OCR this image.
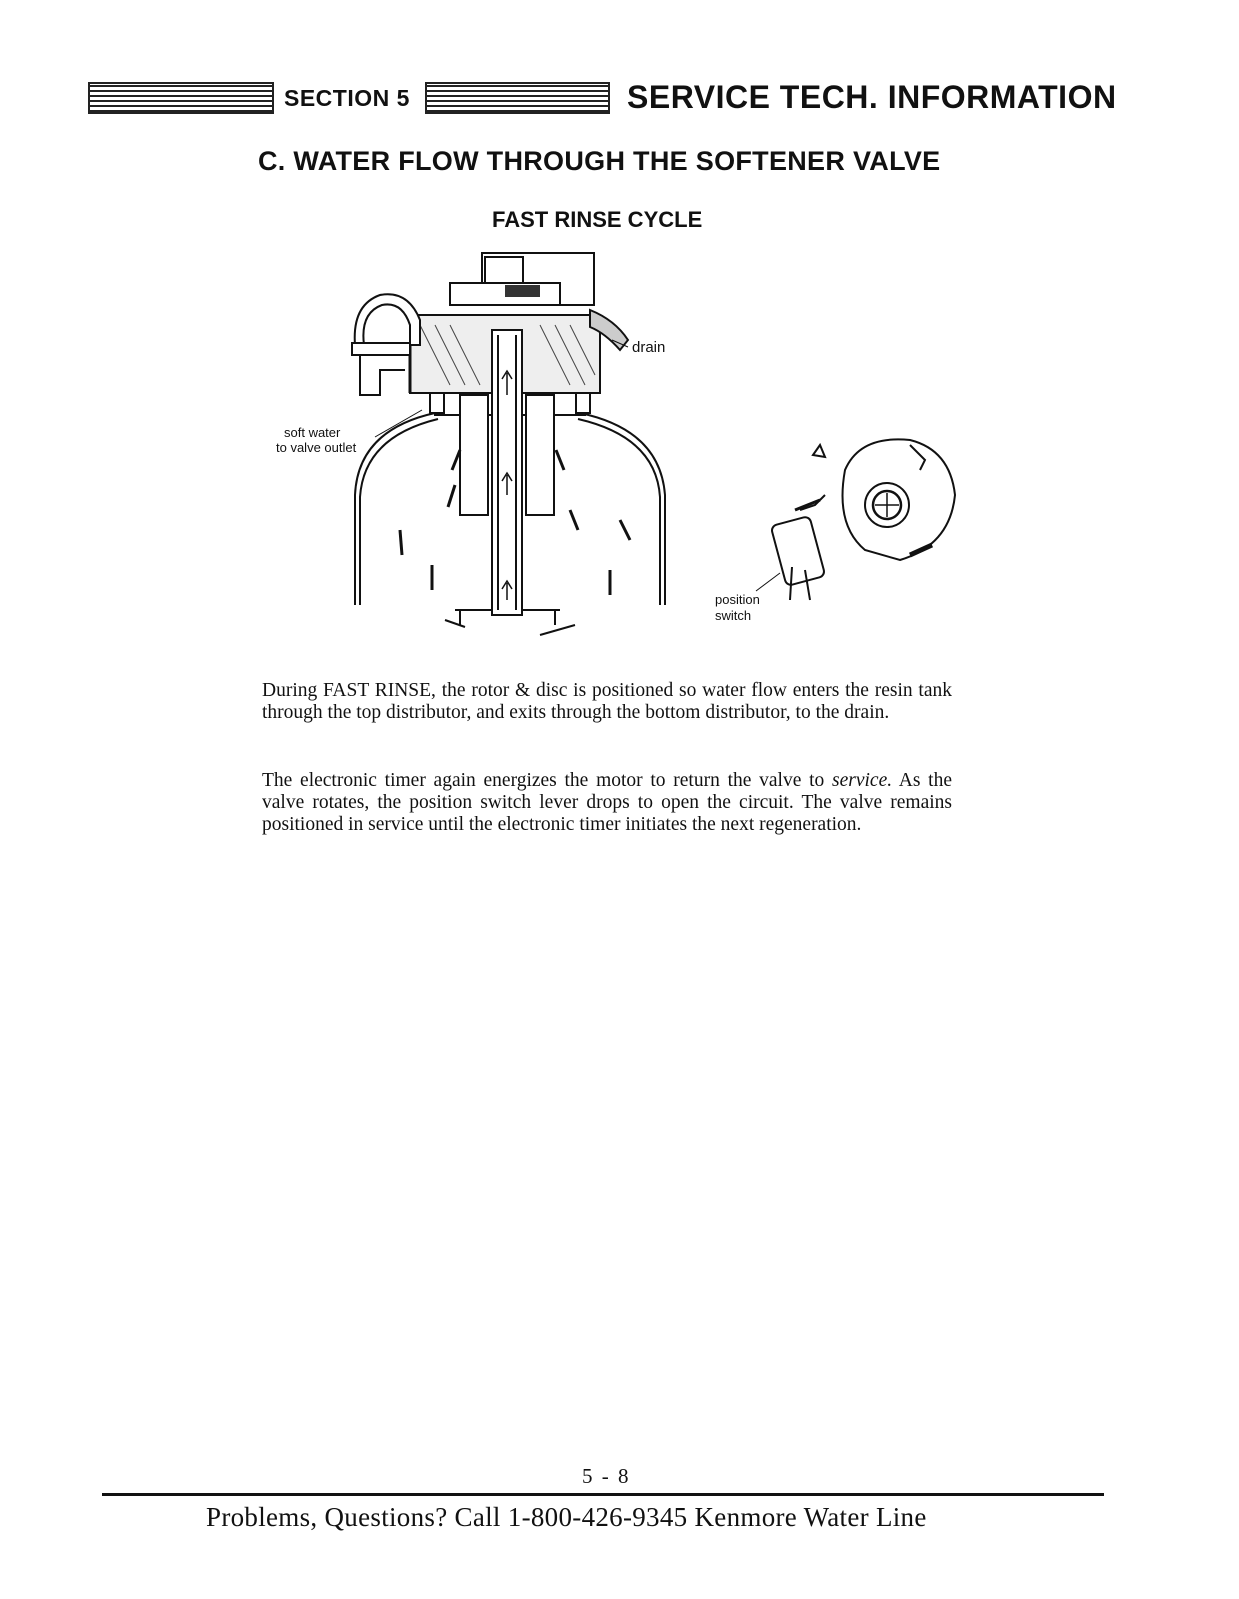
SECTION 5	SERVICE TECH. INFORMATION
C. WATER FLOW THROUGH THE SOFTENER VALVE
FAST RINSE CYCLE
drain
soft water
to valve outlet
position
switch
During FAST RINSE, the rotor & disc is positioned so water flow enters the resin tank through the top distributor, and exits through the bottom distributor, to the drain.
The electronic timer again energizes the motor to return the valve to service. As the valve rotates, the position switch lever drops to open the circuit. The valve remains positioned in service until the electronic timer initiates the next regeneration.
5 - 8
Problems, Questions? Call 1-800-426-9345 Kenmore Water Line
